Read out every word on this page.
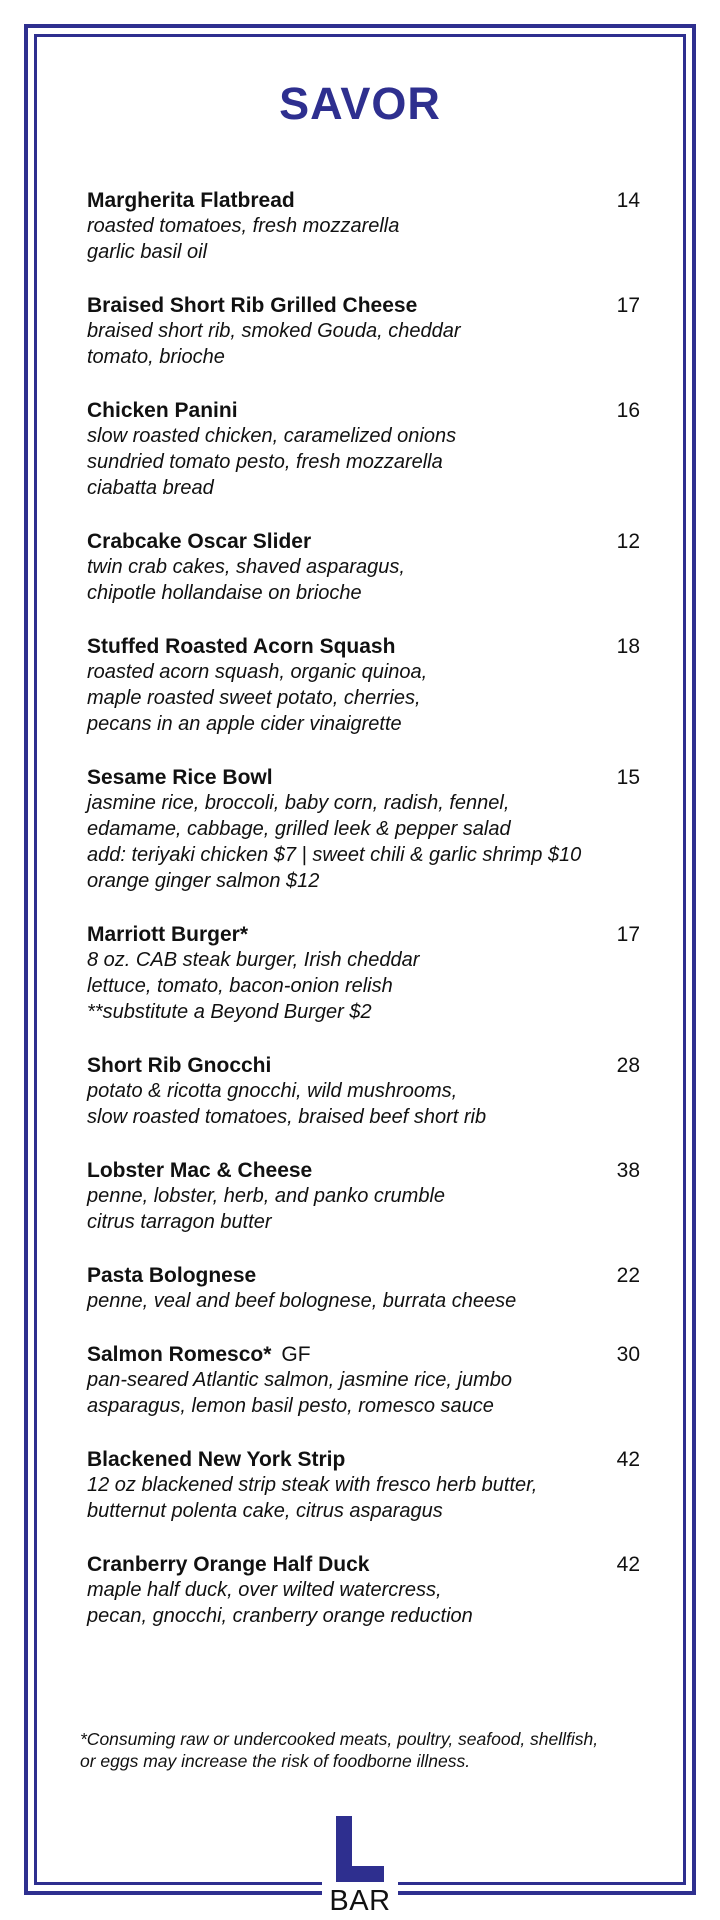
SAVOR
Margherita Flatbread	14
roasted tomatoes, fresh mozzarella
garlic basil oil
Braised Short Rib Grilled Cheese	17
braised short rib, smoked Gouda, cheddar
tomato, brioche
Chicken Panini	16
slow roasted chicken, caramelized onions
sundried tomato pesto, fresh mozzarella
ciabatta bread
Crabcake Oscar Slider	12
twin crab cakes, shaved asparagus,
chipotle hollandaise on brioche
Stuffed Roasted Acorn Squash	18
roasted acorn squash, organic quinoa,
maple roasted sweet potato, cherries,
pecans in an apple cider vinaigrette
Sesame Rice Bowl	15
jasmine rice, broccoli, baby corn, radish, fennel,
edamame, cabbage, grilled leek & pepper salad
add: teriyaki chicken $7 | sweet chili & garlic shrimp $10
orange ginger salmon $12
Marriott Burger*	17
8 oz. CAB steak burger, Irish cheddar
lettuce, tomato, bacon-onion relish
**substitute a Beyond Burger $2
Short Rib Gnocchi	28
potato & ricotta gnocchi, wild mushrooms,
slow roasted tomatoes, braised beef short rib
Lobster Mac & Cheese	38
penne, lobster, herb, and panko crumble
citrus tarragon butter
Pasta Bolognese	22
penne, veal and beef bolognese, burrata cheese
Salmon Romesco* GF	30
pan-seared Atlantic salmon, jasmine rice, jumbo
asparagus, lemon basil pesto, romesco sauce
Blackened New York Strip	42
12 oz blackened strip steak with fresco herb butter,
butternut polenta cake, citrus asparagus
Cranberry Orange Half Duck	42
maple half duck, over wilted watercress,
pecan, gnocchi, cranberry orange reduction
*Consuming raw or undercooked meats, poultry, seafood, shellfish,
or eggs may increase the risk of foodborne illness.
BAR
